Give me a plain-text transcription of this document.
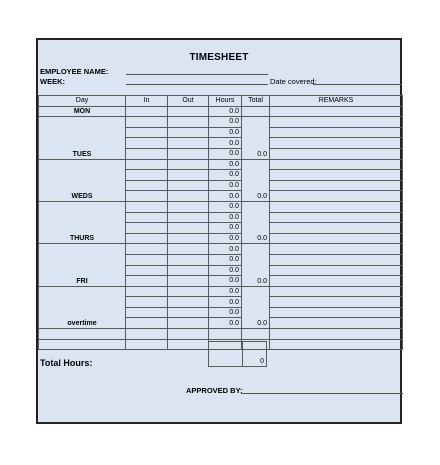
TIMESHEET
EMPLOYEE NAME:
WEEK:	Date covered:
Day	In	Out	Hours	Total	REMARKS
MON			0.0		
TUES			0.0	0.0	
			0.0		
			0.0		
			0.0		
WEDS			0.0	0.0	
			0.0		
			0.0		
			0.0		
THURS			0.0	0.0	
			0.0		
			0.0		
			0.0		
FRI			0.0	0.0	
			0.0		
			0.0		
			0.0		
overtime			0.0	0.0	
			0.0		
			0.0		
			0.0		

Total Hours:	0
APPROVED BY:
